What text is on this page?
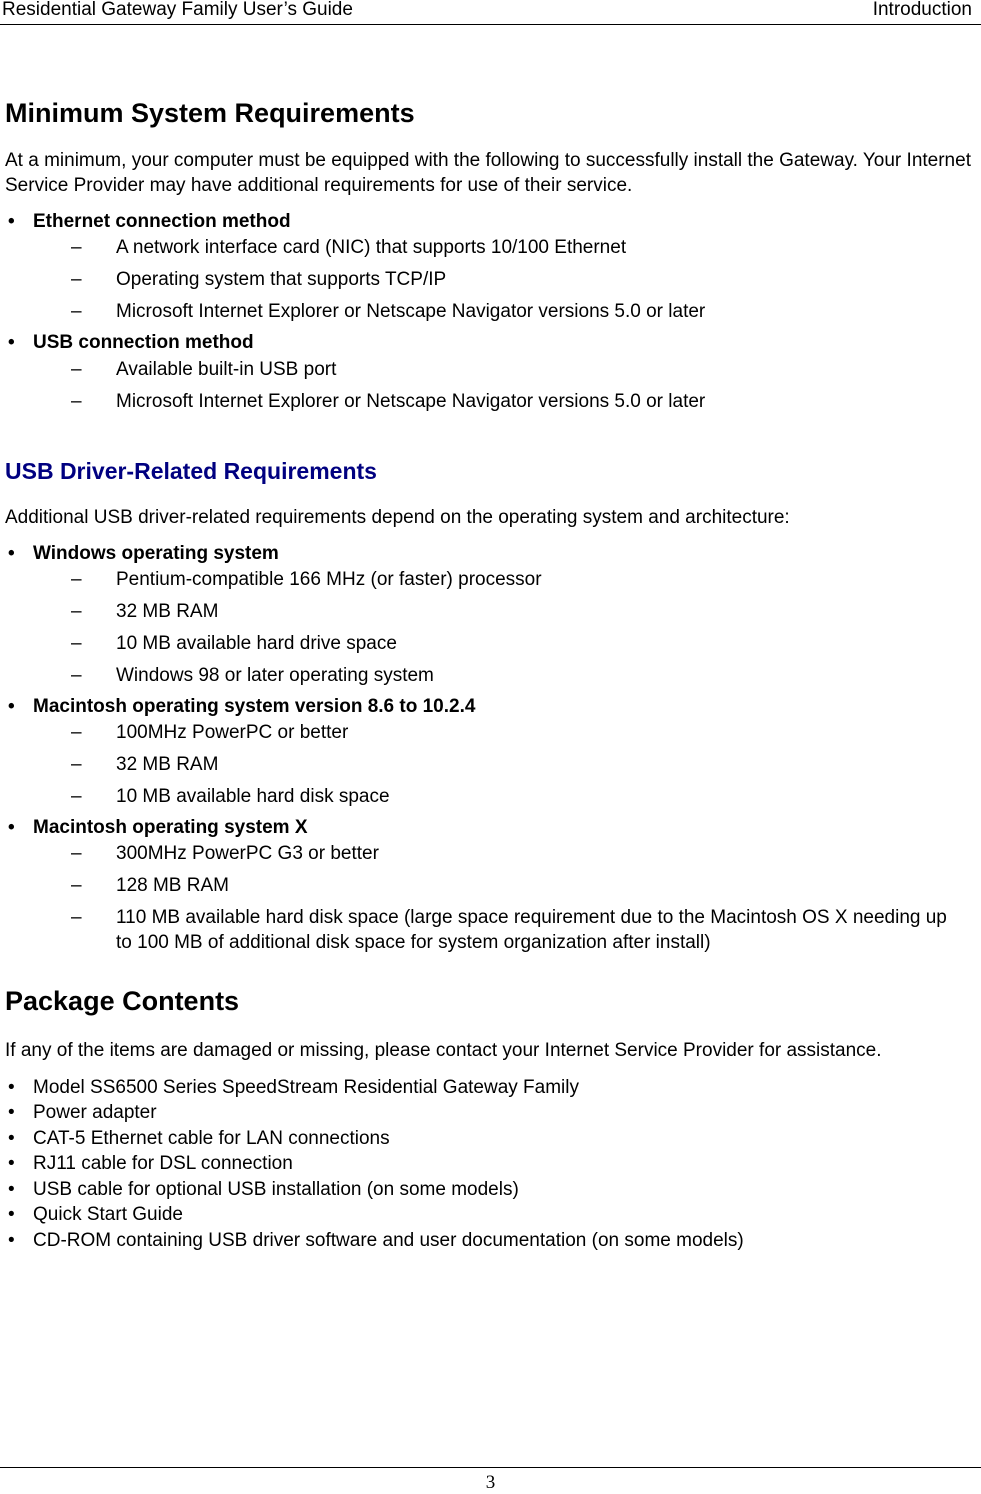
Residential Gateway Family User’s Guide	Introduction
Minimum System Requirements

At a minimum, your computer must be equipped with the following to successfully install the Gateway. Your Internet Service Provider may have additional requirements for use of their service.

• Ethernet connection method
– A network interface card (NIC) that supports 10/100 Ethernet
– Operating system that supports TCP/IP
– Microsoft Internet Explorer or Netscape Navigator versions 5.0 or later
• USB connection method
– Available built-in USB port
– Microsoft Internet Explorer or Netscape Navigator versions 5.0 or later
USB Driver-Related Requirements

Additional USB driver-related requirements depend on the operating system and architecture:

• Windows operating system
– Pentium-compatible 166 MHz (or faster) processor
– 32 MB RAM
– 10 MB available hard drive space
– Windows 98 or later operating system
• Macintosh operating system version 8.6 to 10.2.4
– 100MHz PowerPC or better
– 32 MB RAM
– 10 MB available hard disk space
• Macintosh operating system X
– 300MHz PowerPC G3 or better
– 128 MB RAM
– 110 MB available hard disk space (large space requirement due to the Macintosh OS X needing up to 100 MB of additional disk space for system organization after install)
Package Contents

If any of the items are damaged or missing, please contact your Internet Service Provider for assistance.

• Model SS6500 Series SpeedStream Residential Gateway Family
• Power adapter
• CAT-5 Ethernet cable for LAN connections
• RJ11 cable for DSL connection
• USB cable for optional USB installation (on some models)
• Quick Start Guide
• CD-ROM containing USB driver software and user documentation (on some models)
3
